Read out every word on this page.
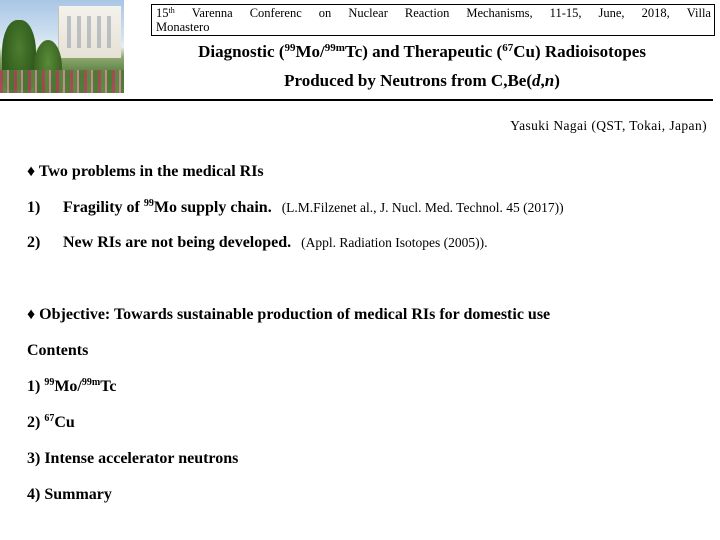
15th Varenna Conferenc on Nuclear Reaction Mechanisms, 11-15, June, 2018, Villa
Monastero
Diagnostic ($^{99}$Mo/$^{99m}$Tc) and Therapeutic ($^{67}$Cu) Radioisotopes
Produced by Neutrons from C,Be(d,n)
Yasuki Nagai (QST, Tokai, Japan)
♦ Two problems in the medical RIs
1) Fragility of $^{99}$Mo supply chain. (L.M.Filzenet al., J. Nucl. Med. Technol. 45 (2017))
2) New RIs are not being developed. (Appl. Radiation Isotopes (2005)).
♦ Objective: Towards sustainable production of medical RIs for domestic use
Contents
1) $^{99}$Mo/$^{99m}$Tc
2) $^{67}$Cu
3) Intense accelerator neutrons
4) Summary
